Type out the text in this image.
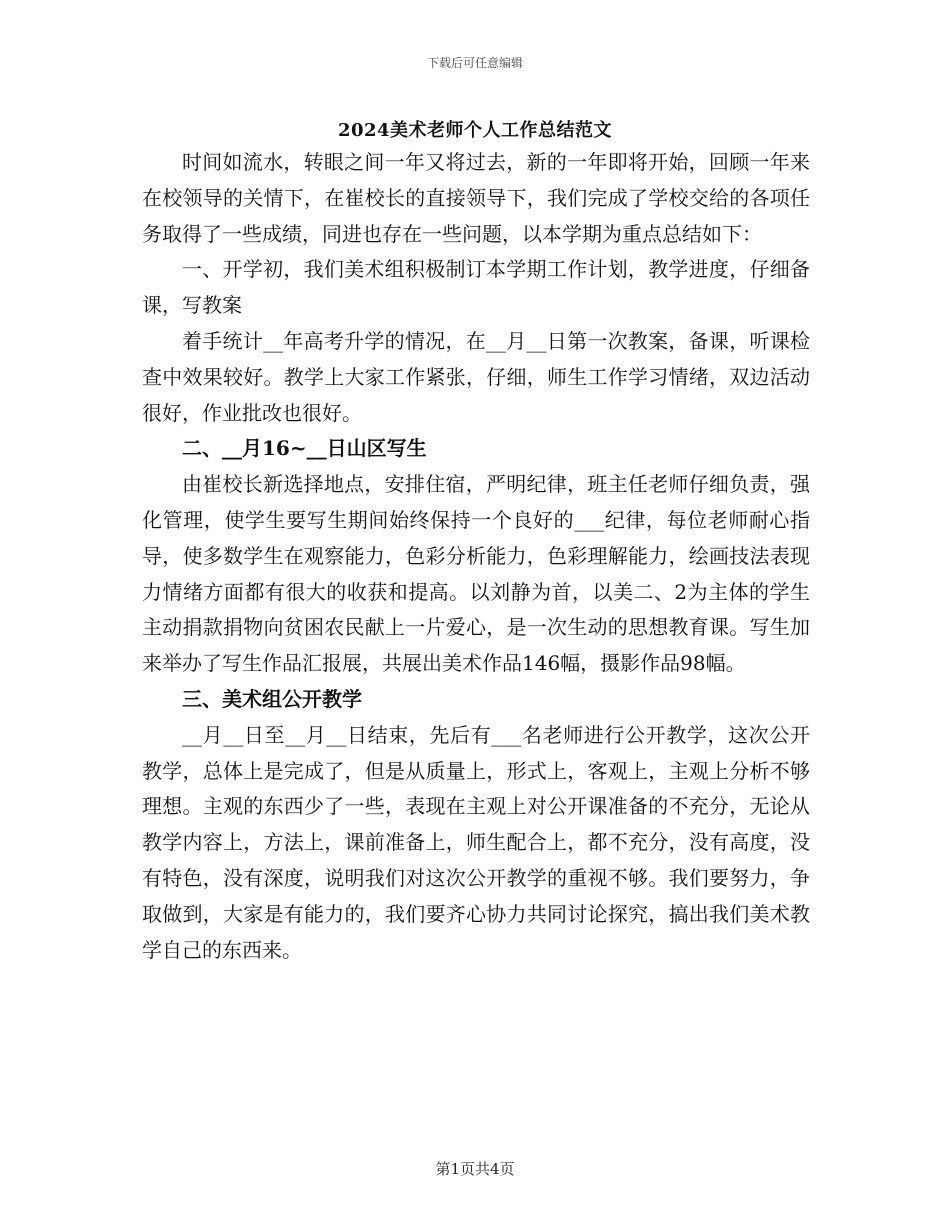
下载后可任意编辑
2024美术老师个人工作总结范文

时间如流水，转眼之间一年又将过去，新的一年即将开始，回顾一年来在校领导的关情下，在崔校长的直接领导下，我们完成了学校交给的各项任务取得了一些成绩，同进也存在一些问题，以本学期为重点总结如下：

一、开学初，我们美术组积极制订本学期工作计划，教学进度，仔细备课，写教案

着手统计__年高考升学的情况，在__月__日第一次教案，备课，听课检查中效果较好。教学上大家工作紧张，仔细，师生工作学习情绪，双边活动很好，作业批改也很好。

二、__月16~__日山区写生

由崔校长新选择地点，安排住宿，严明纪律，班主任老师仔细负责，强化管理，使学生要写生期间始终保持一个良好的___纪律，每位老师耐心指导，使多数学生在观察能力，色彩分析能力，色彩理解能力，绘画技法表现力情绪方面都有很大的收获和提高。以刘静为首，以美二、2为主体的学生主动捐款捐物向贫困农民献上一片爱心，是一次生动的思想教育课。写生加来举办了写生作品汇报展，共展出美术作品146幅，摄影作品98幅。

三、美术组公开教学

__月__日至__月__日结束，先后有___名老师进行公开教学，这次公开教学，总体上是完成了，但是从质量上，形式上，客观上，主观上分析不够理想。主观的东西少了一些，表现在主观上对公开课准备的不充分，无论从教学内容上，方法上，课前准备上，师生配合上，都不充分，没有高度，没有特色，没有深度，说明我们对这次公开教学的重视不够。我们要努力，争取做到，大家是有能力的，我们要齐心协力共同讨论探究，搞出我们美术教学自己的东西来。

第1页共4页
